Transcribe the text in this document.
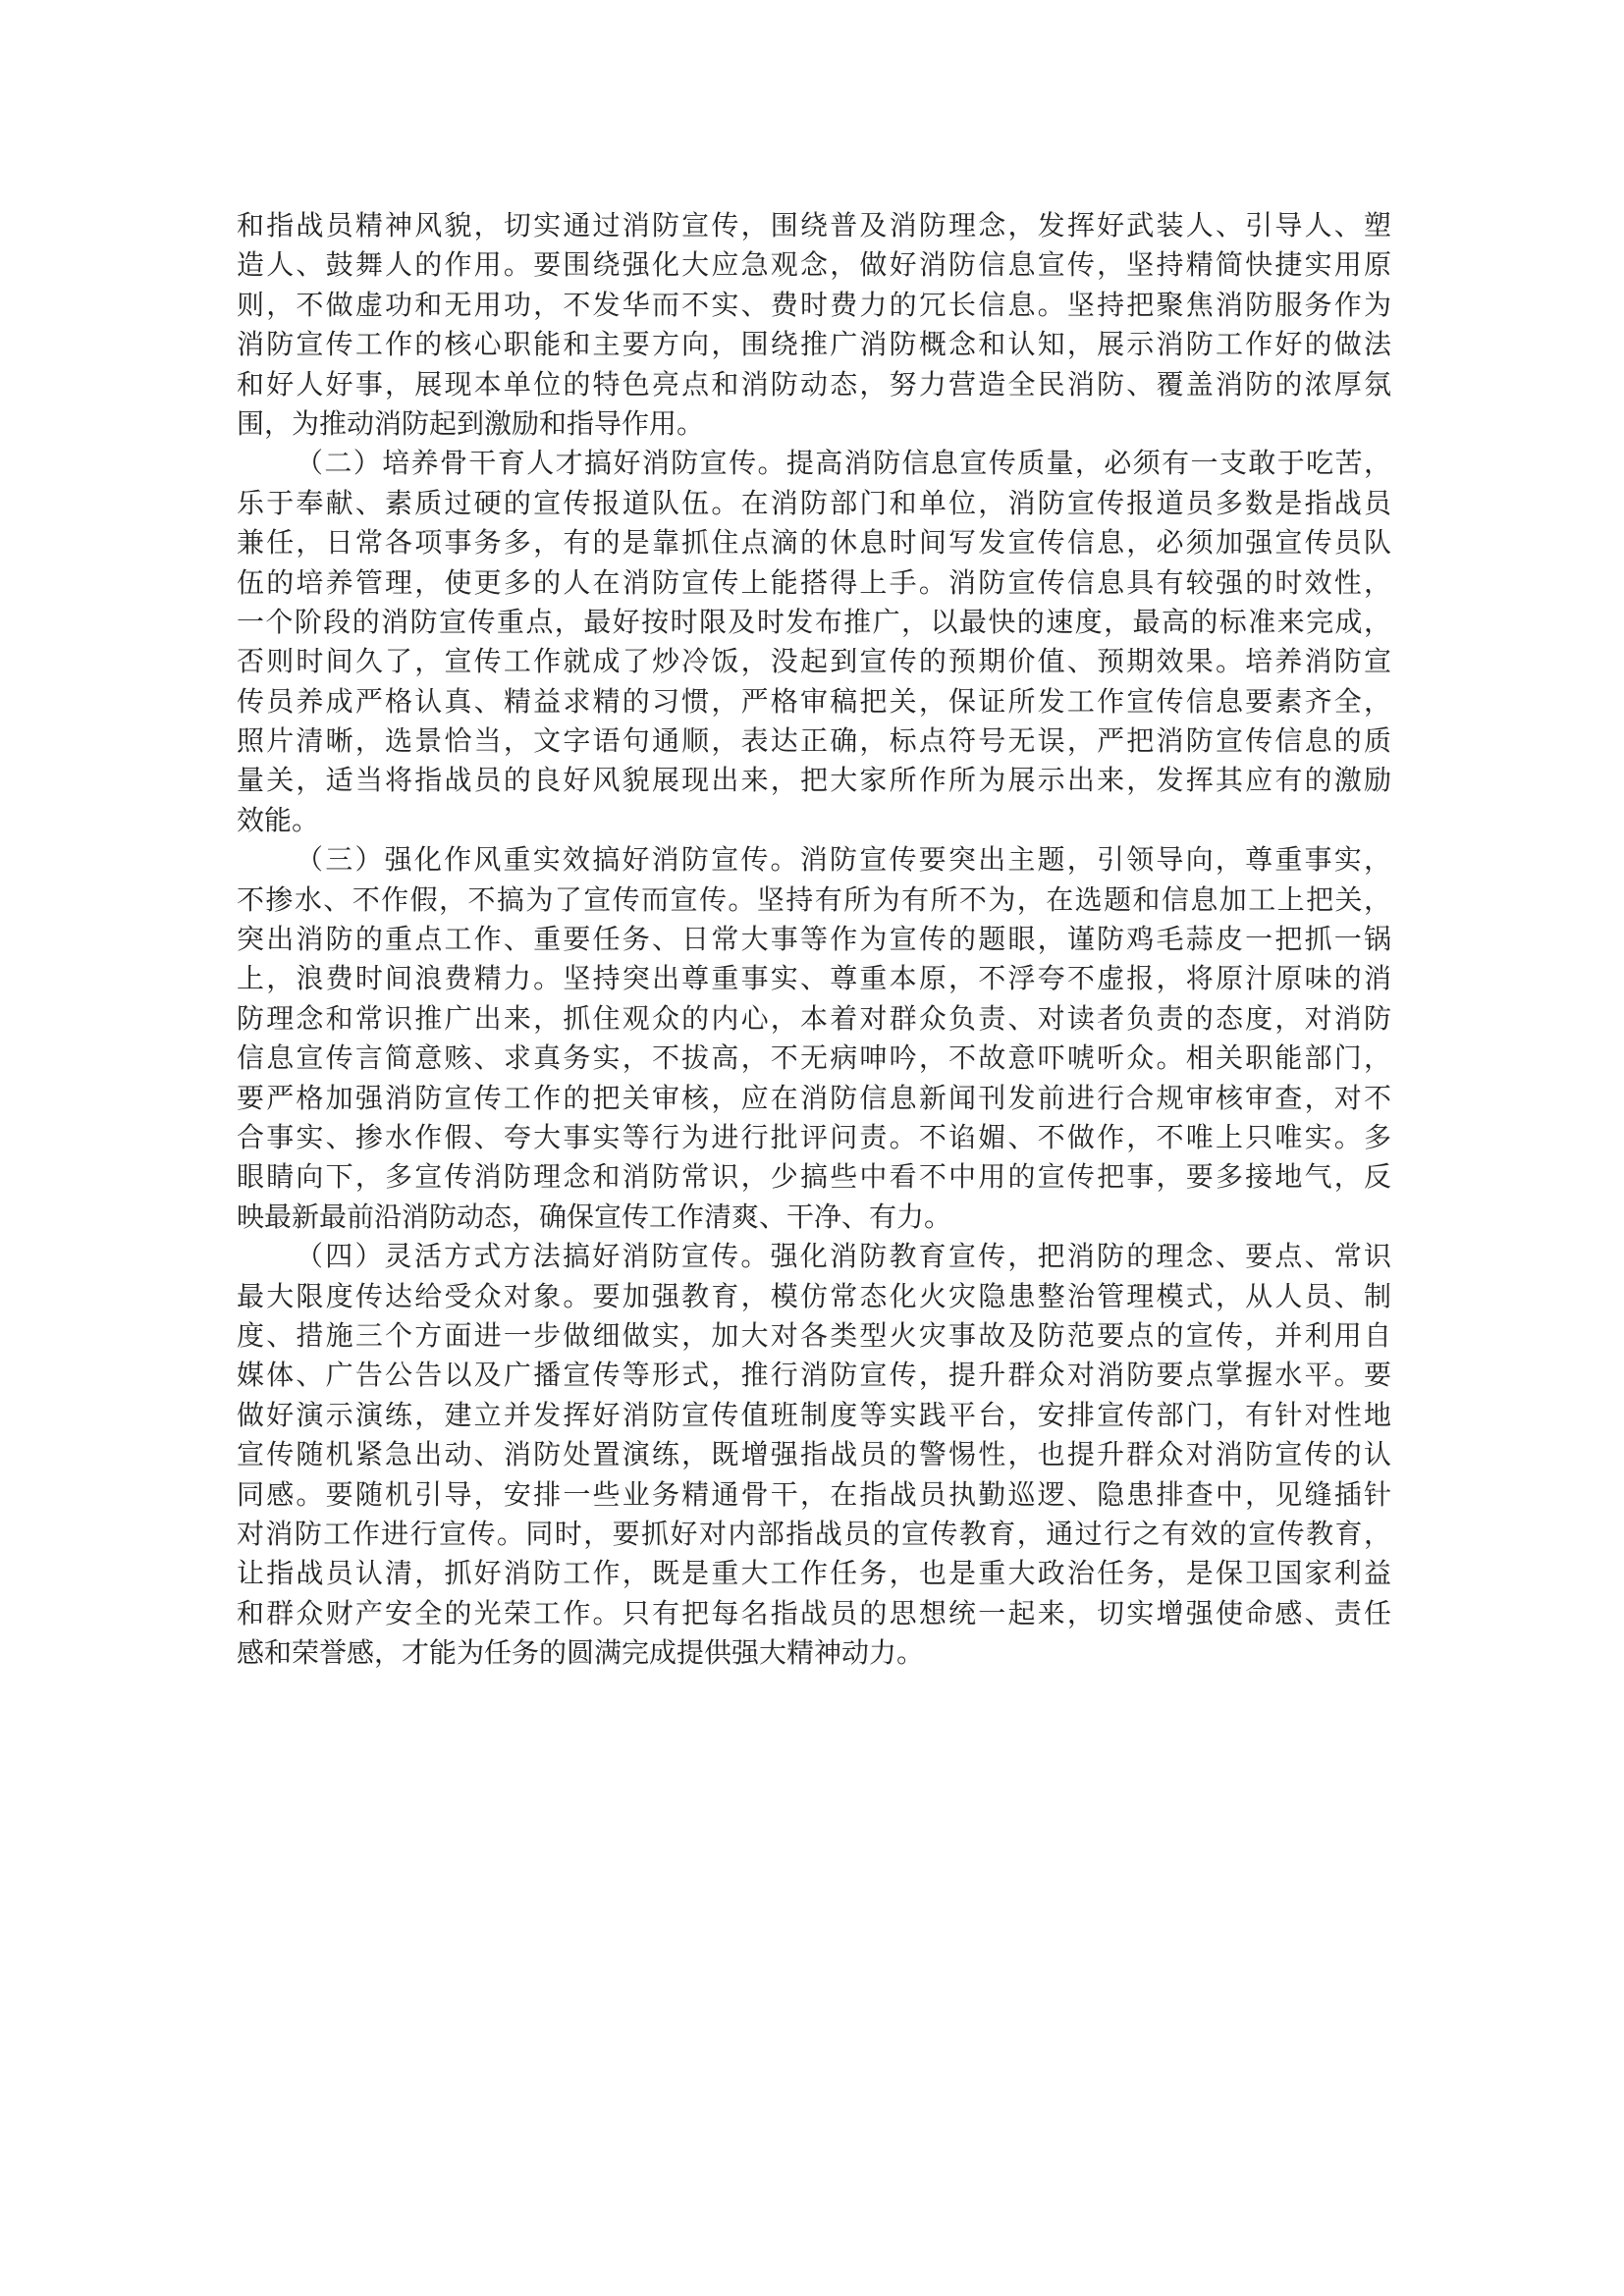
和指战员精神风貌，切实通过消防宣传，围绕普及消防理念，发挥好武装人、引导人、塑
造人、鼓舞人的作用。要围绕强化大应急观念，做好消防信息宣传，坚持精简快捷实用原
则，不做虚功和无用功，不发华而不实、费时费力的冗长信息。坚持把聚焦消防服务作为
消防宣传工作的核心职能和主要方向，围绕推广消防概念和认知，展示消防工作好的做法
和好人好事，展现本单位的特色亮点和消防动态，努力营造全民消防、覆盖消防的浓厚氛
围，为推动消防起到激励和指导作用。
（二）培养骨干育人才搞好消防宣传。提高消防信息宣传质量，必须有一支敢于吃苦，
乐于奉献、素质过硬的宣传报道队伍。在消防部门和单位，消防宣传报道员多数是指战员
兼任，日常各项事务多，有的是靠抓住点滴的休息时间写发宣传信息，必须加强宣传员队
伍的培养管理，使更多的人在消防宣传上能搭得上手。消防宣传信息具有较强的时效性，
一个阶段的消防宣传重点，最好按时限及时发布推广，以最快的速度，最高的标准来完成，
否则时间久了，宣传工作就成了炒冷饭，没起到宣传的预期价值、预期效果。培养消防宣
传员养成严格认真、精益求精的习惯，严格审稿把关，保证所发工作宣传信息要素齐全，
照片清晰，选景恰当，文字语句通顺，表达正确，标点符号无误，严把消防宣传信息的质
量关，适当将指战员的良好风貌展现出来，把大家所作所为展示出来，发挥其应有的激励
效能。
（三）强化作风重实效搞好消防宣传。消防宣传要突出主题，引领导向，尊重事实，
不掺水、不作假，不搞为了宣传而宣传。坚持有所为有所不为，在选题和信息加工上把关，
突出消防的重点工作、重要任务、日常大事等作为宣传的题眼，谨防鸡毛蒜皮一把抓一锅
上，浪费时间浪费精力。坚持突出尊重事实、尊重本原，不浮夸不虚报，将原汁原味的消
防理念和常识推广出来，抓住观众的内心，本着对群众负责、对读者负责的态度，对消防
信息宣传言简意赅、求真务实，不拔高，不无病呻吟，不故意吓唬听众。相关职能部门，
要严格加强消防宣传工作的把关审核，应在消防信息新闻刊发前进行合规审核审查，对不
合事实、掺水作假、夸大事实等行为进行批评问责。不谄媚、不做作，不唯上只唯实。多
眼睛向下，多宣传消防理念和消防常识，少搞些中看不中用的宣传把事，要多接地气，反
映最新最前沿消防动态，确保宣传工作清爽、干净、有力。
（四）灵活方式方法搞好消防宣传。强化消防教育宣传，把消防的理念、要点、常识
最大限度传达给受众对象。要加强教育，模仿常态化火灾隐患整治管理模式，从人员、制
度、措施三个方面进一步做细做实，加大对各类型火灾事故及防范要点的宣传，并利用自
媒体、广告公告以及广播宣传等形式，推行消防宣传，提升群众对消防要点掌握水平。要
做好演示演练，建立并发挥好消防宣传值班制度等实践平台，安排宣传部门，有针对性地
宣传随机紧急出动、消防处置演练，既增强指战员的警惕性，也提升群众对消防宣传的认
同感。要随机引导，安排一些业务精通骨干，在指战员执勤巡逻、隐患排查中，见缝插针
对消防工作进行宣传。同时，要抓好对内部指战员的宣传教育，通过行之有效的宣传教育，
让指战员认清，抓好消防工作，既是重大工作任务，也是重大政治任务，是保卫国家利益
和群众财产安全的光荣工作。只有把每名指战员的思想统一起来，切实增强使命感、责任
感和荣誉感，才能为任务的圆满完成提供强大精神动力。
